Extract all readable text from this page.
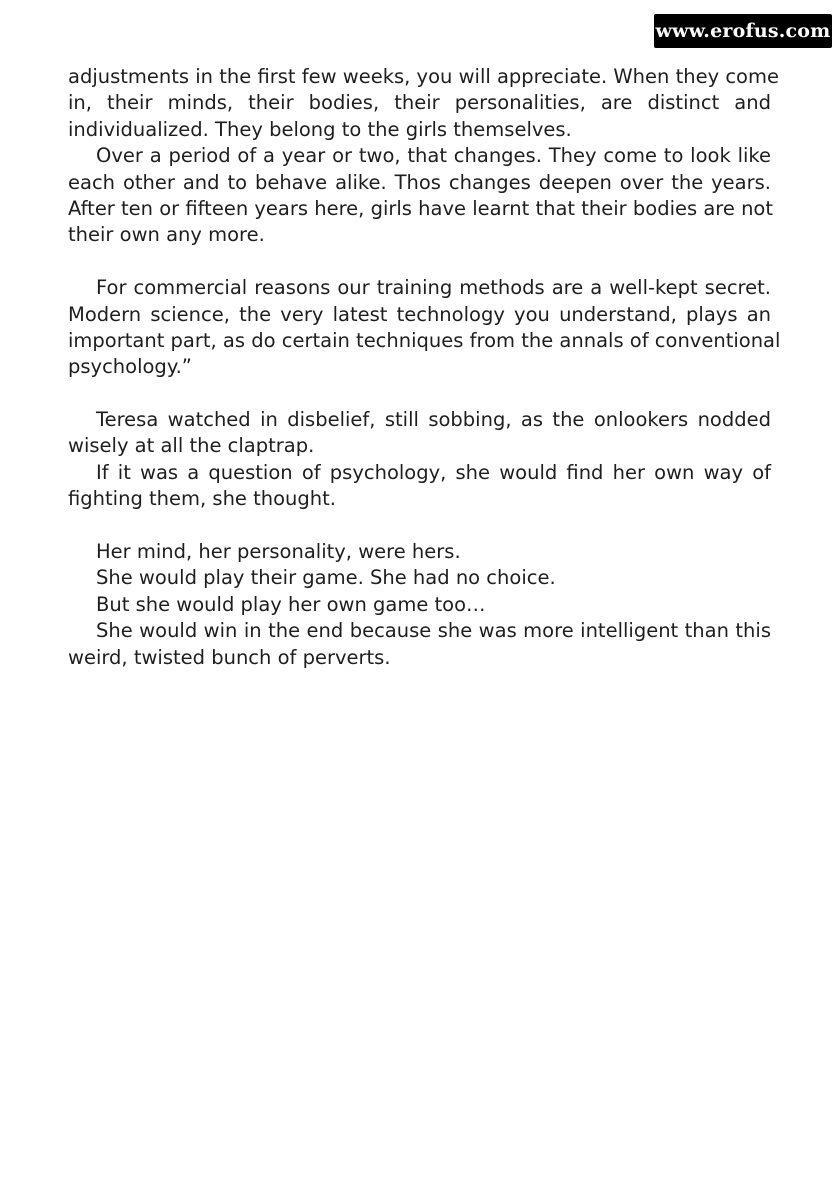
www.erofus.com
adjustments in the first few weeks, you will appreciate. When they come
in, their minds, their bodies, their personalities, are distinct and
individualized. They belong to the girls themselves.
Over a period of a year or two, that changes. They come to look like
each other and to behave alike. Thos changes deepen over the years.
After ten or fifteen years here, girls have learnt that their bodies are not
their own any more.
For commercial reasons our training methods are a well-kept secret.
Modern science, the very latest technology you understand, plays an
important part, as do certain techniques from the annals of conventional
psychology.”
Teresa watched in disbelief, still sobbing, as the onlookers nodded
wisely at all the claptrap.
If it was a question of psychology, she would find her own way of
fighting them, she thought.
Her mind, her personality, were hers.
She would play their game. She had no choice.
But she would play her own game too…
She would win in the end because she was more intelligent than this
weird, twisted bunch of perverts.
